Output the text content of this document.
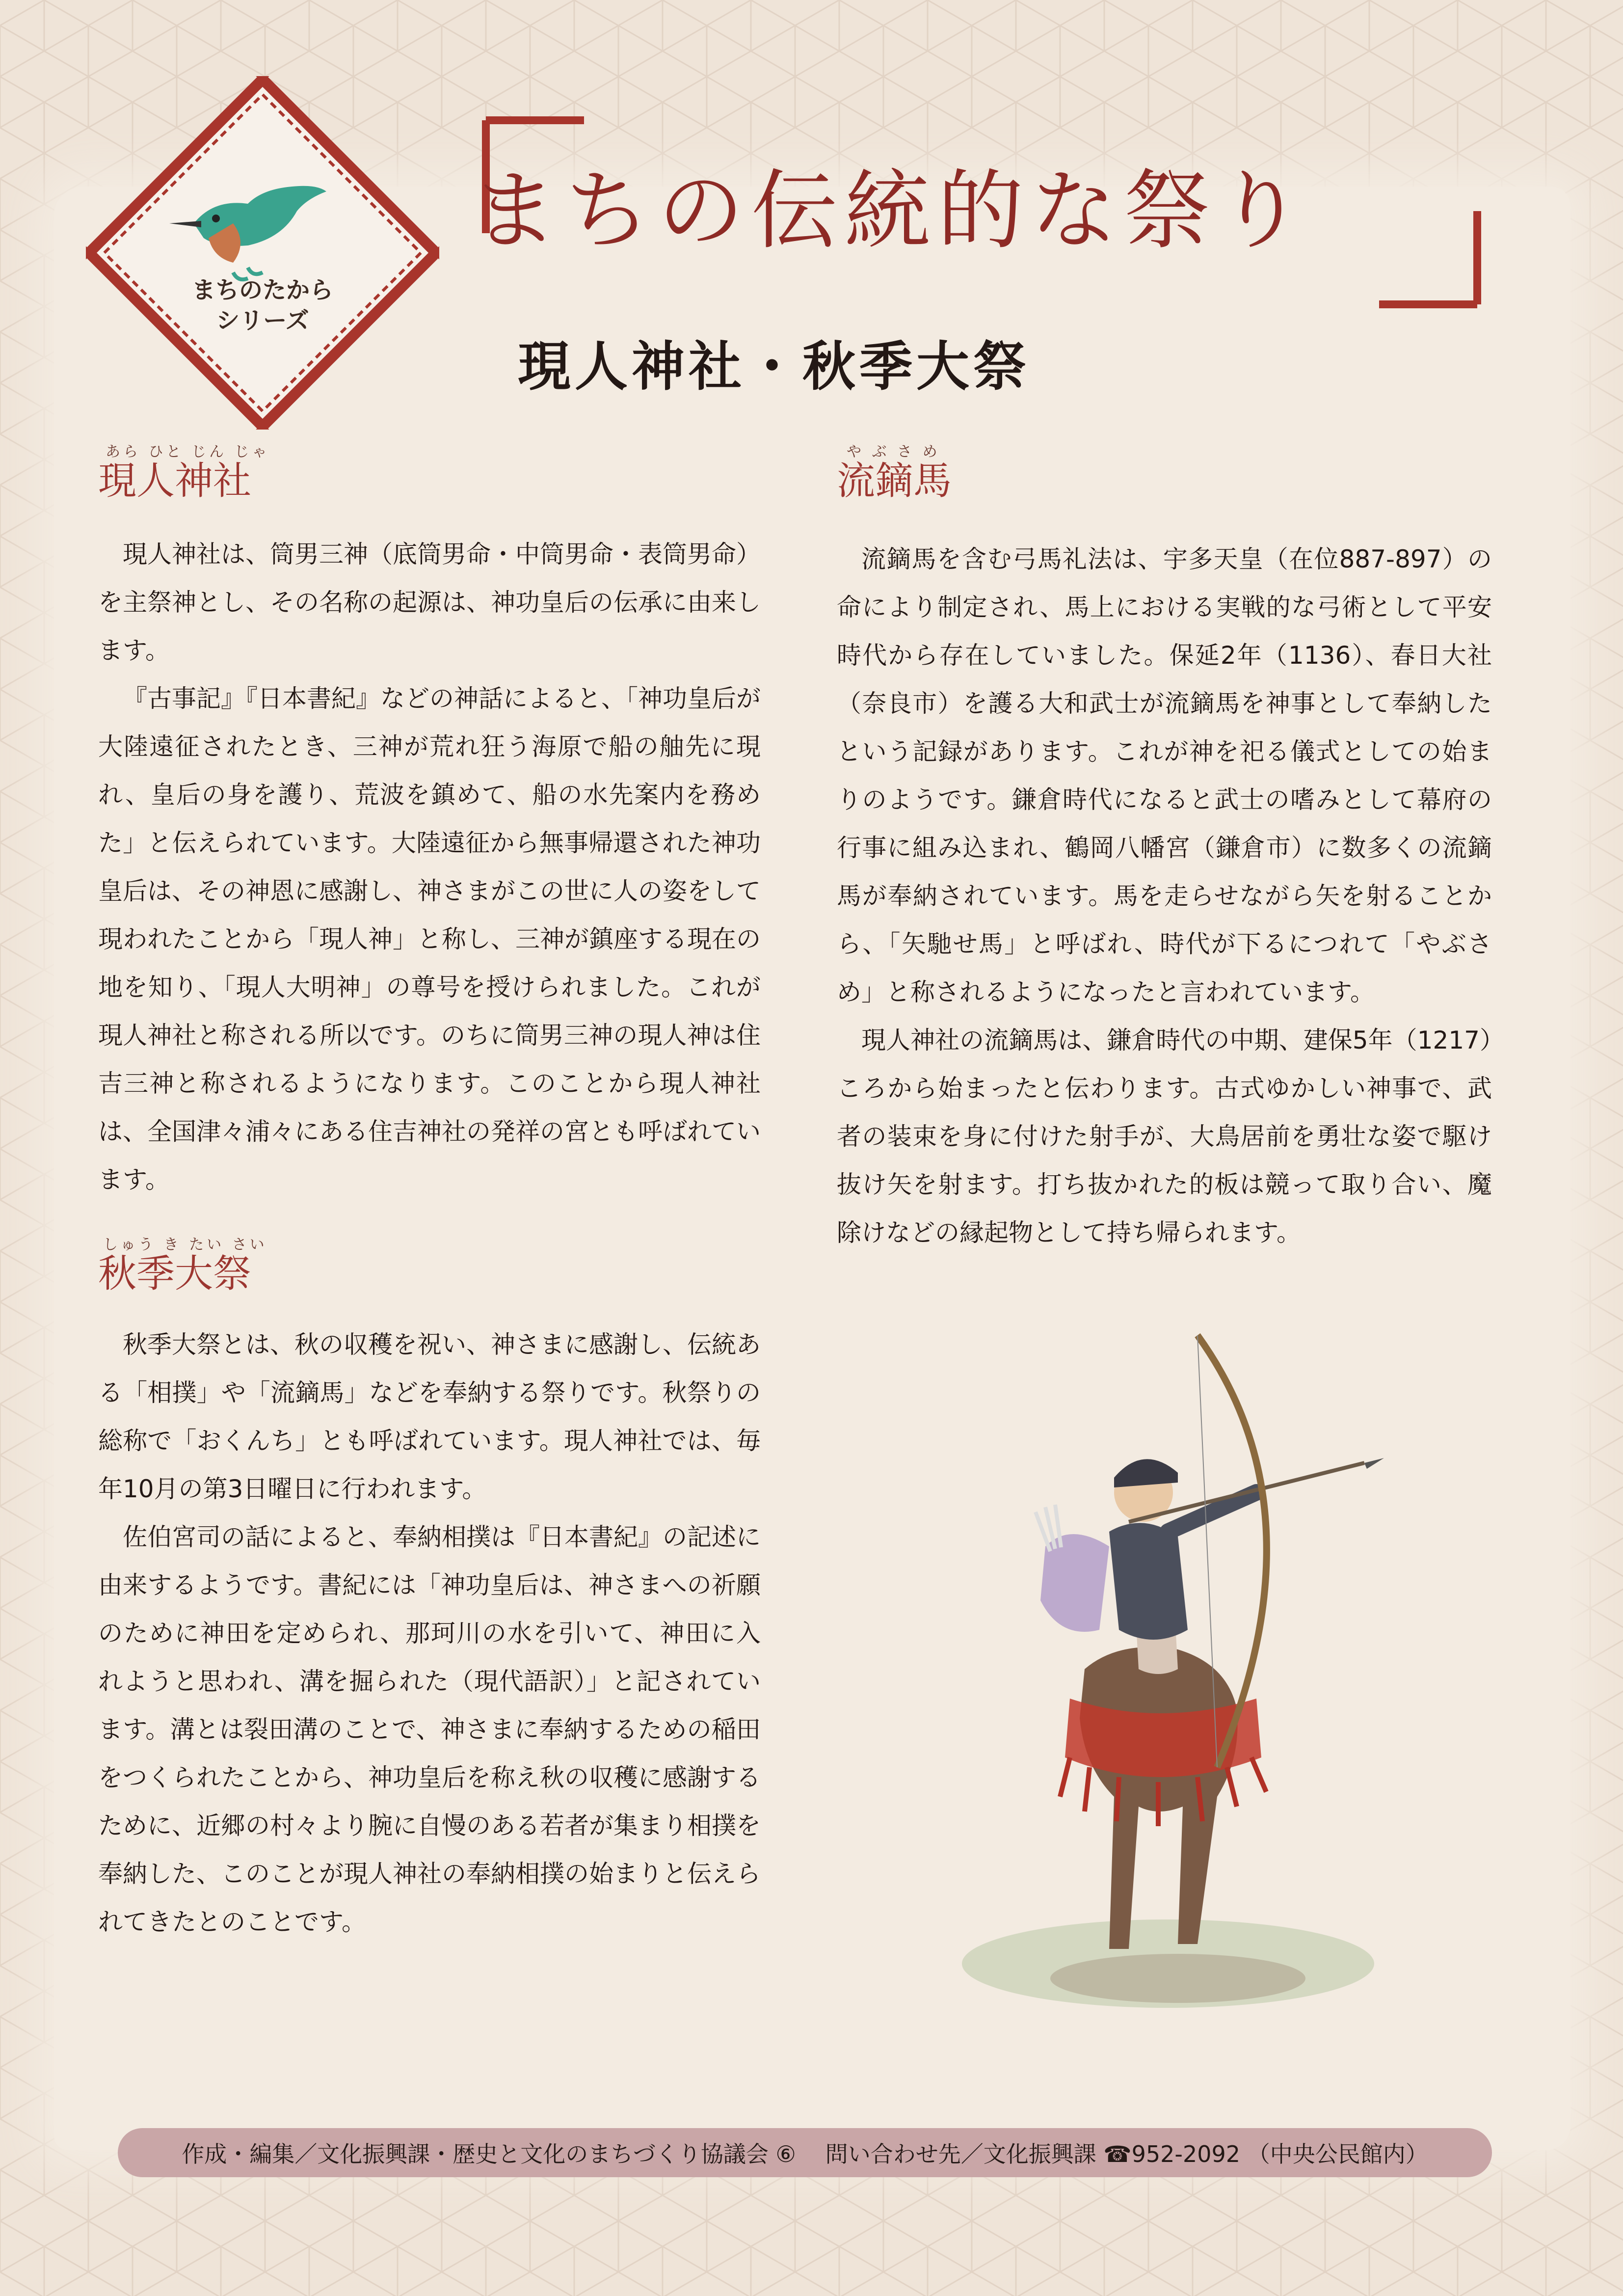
まちのたから
シリーズ
まちの伝統的な祭り
現人神社・秋季大祭
あら ひと じん じゃ
現人神社

現人神社は、筒男三神（底筒男命・中筒男命・表筒男命）を主祭神とし、その名称の起源は、神功皇后の伝承に由来します。

『古事記』『日本書紀』などの神話によると、「神功皇后が大陸遠征されたとき、三神が荒れ狂う海原で船の舳先に現れ、皇后の身を護り、荒波を鎮めて、船の水先案内を務めた」と伝えられています。大陸遠征から無事帰還された神功皇后は、その神恩に感謝し、神さまがこの世に人の姿をして現われたことから「現人神」と称し、三神が鎮座する現在の地を知り、「現人大明神」の尊号を授けられました。これが現人神社と称される所以です。のちに筒男三神の現人神は住吉三神と称されるようになります。このことから現人神社は、全国津々浦々にある住吉神社の発祥の宮とも呼ばれています。

しゅう き たい さい
秋季大祭

秋季大祭とは、秋の収穫を祝い、神さまに感謝し、伝統ある「相撲」や「流鏑馬」などを奉納する祭りです。秋祭りの総称で「おくんち」とも呼ばれています。現人神社では、毎年10月の第3日曜日に行われます。

佐伯宮司の話によると、奉納相撲は『日本書紀』の記述に由来するようです。書紀には「神功皇后は、神さまへの祈願のために神田を定められ、那珂川の水を引いて、神田に入れようと思われ、溝を掘られた（現代語訳）」と記されています。溝とは裂田溝のことで、神さまに奉納するための稲田をつくられたことから、神功皇后を称え秋の収穫に感謝するために、近郷の村々より腕に自慢のある若者が集まり相撲を奉納した、このことが現人神社の奉納相撲の始まりと伝えられてきたとのことです。

や ぶ さ め
流鏑馬

流鏑馬を含む弓馬礼法は、宇多天皇（在位887-897）の命により制定され、馬上における実戦的な弓術として平安時代から存在していました。保延2年（1136）、春日大社（奈良市）を護る大和武士が流鏑馬を神事として奉納したという記録があります。これが神を祀る儀式としての始まりのようです。鎌倉時代になると武士の嗜みとして幕府の行事に組み込まれ、鶴岡八幡宮（鎌倉市）に数多くの流鏑馬が奉納されています。馬を走らせながら矢を射ることから、「矢馳せ馬」と呼ばれ、時代が下るにつれて「やぶさめ」と称されるようになったと言われています。

現人神社の流鏑馬は、鎌倉時代の中期、建保5年（1217）ころから始まったと伝わります。古式ゆかしい神事で、武者の装束を身に付けた射手が、大鳥居前を勇壮な姿で駆け抜け矢を射ます。打ち抜かれた的板は競って取り合い、魔除けなどの縁起物として持ち帰られます。

作成・編集／文化振興課・歴史と文化のまちづくり協議会 ⑥ 問い合わせ先／文化振興課 ☎952-2092 （中央公民館内）
